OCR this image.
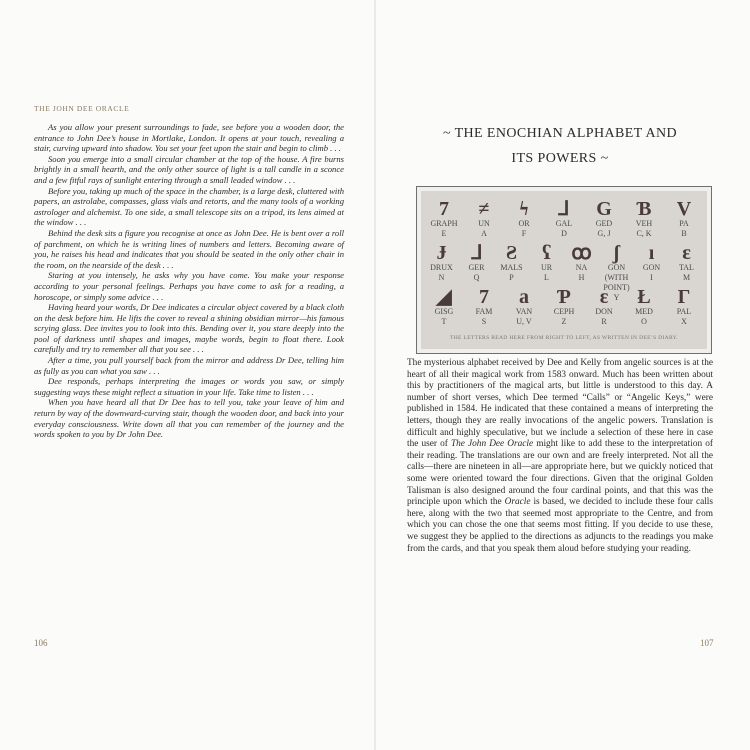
THE JOHN DEE ORACLE

As you allow your present surroundings to fade, see before you a wooden door, the entrance to John Dee’s house in Mortlake, London. It opens at your touch, revealing a stair, curving upward into shadow. You set your feet upon the stair and begin to climb . . .

Soon you emerge into a small circular chamber at the top of the house. A fire burns brightly in a small hearth, and the only other source of light is a tall candle in a sconce and a few fitful rays of sunlight entering through a small leaded window . . .

Before you, taking up much of the space in the chamber, is a large desk, cluttered with papers, an astrolabe, compasses, glass vials and retorts, and the many tools of a working astrologer and alchemist. To one side, a small telescope sits on a tripod, its lens aimed at the window . . .

Behind the desk sits a figure you recognise at once as John Dee. He is bent over a roll of parchment, on which he is writing lines of numbers and letters. Becoming aware of you, he raises his head and indicates that you should be seated in the only other chair in the room, on the nearside of the desk . . .

Staring at you intensely, he asks why you have come. You make your response according to your personal feelings. Perhaps you have come to ask for a reading, a horoscope, or simply some advice . . .

Having heard your words, Dr Dee indicates a circular object covered by a black cloth on the desk before him. He lifts the cover to reveal a shining obsidian mirror—his famous scrying glass. Dee invites you to look into this. Bending over it, you stare deeply into the pool of darkness until shapes and images, maybe words, begin to float there. Look carefully and try to remember all that you see . . .

After a time, you pull yourself back from the mirror and address Dr Dee, telling him as fully as you can what you saw . . .

Dee responds, perhaps interpreting the images or words you saw, or simply suggesting ways these might reflect a situation in your life. Take time to listen . . .

When you have heard all that Dr Dee has to tell you, take your leave of him and return by way of the downward-curving stair, though the wooden door, and back into your everyday consciousness. Write down all that you can remember of the journey and the words spoken to you by Dr John Dee.

106
~ THE ENOCHIAN ALPHABET AND
ITS POWERS ~
THE LETTERS READ HERE FROM RIGHT TO LEFT, AS WRITTEN IN DEE’S DIARY.
7
GRAPH
E
≠
UN
A
ϟ
OR
F
⅃
GAL
D
G
GED
G, J
Ɓ
VEH
C, K
V
PA
B
Ɉ
DRUX
N
ᒧ
GER
Q
Ƨ
MALS
P
ʕ
UR
L
ꝏ
NA
H
ʃ
GON (WITH POINT)
Y
ı
GON
I
ɛ
TAL
M
◢
GISG
T
7
FAM
S
a
VAN
U, V
Ƥ
CEPH
Z
ɛ
DON
R
Ł
MED
O
Γ
PAL
X

The mysterious alphabet received by Dee and Kelly from angelic sources is at the heart of all their magical work from 1583 onward. Much has been written about this by practitioners of the magical arts, but little is understood to this day. A number of short verses, which Dee termed “Calls” or “Angelic Keys,” were published in 1584. He indicated that these contained a means of interpreting the letters, though they are really invocations of the angelic powers. Translation is difficult and highly speculative, but we include a selection of these here in case the user of The John Dee Oracle might like to add these to the interpretation of their reading. The translations are our own and are freely interpreted. Not all the calls—there are nineteen in all—are appropriate here, but we quickly noticed that some were oriented toward the four directions. Given that the original Golden Talisman is also designed around the four cardinal points, and that this was the principle upon which the Oracle is based, we decided to include these four calls here, along with the two that seemed most appropriate to the Centre, and from which you can chose the one that seems most fitting. If you decide to use these, we suggest they be applied to the directions as adjuncts to the readings you make from the cards, and that you speak them aloud before studying your reading.

107
